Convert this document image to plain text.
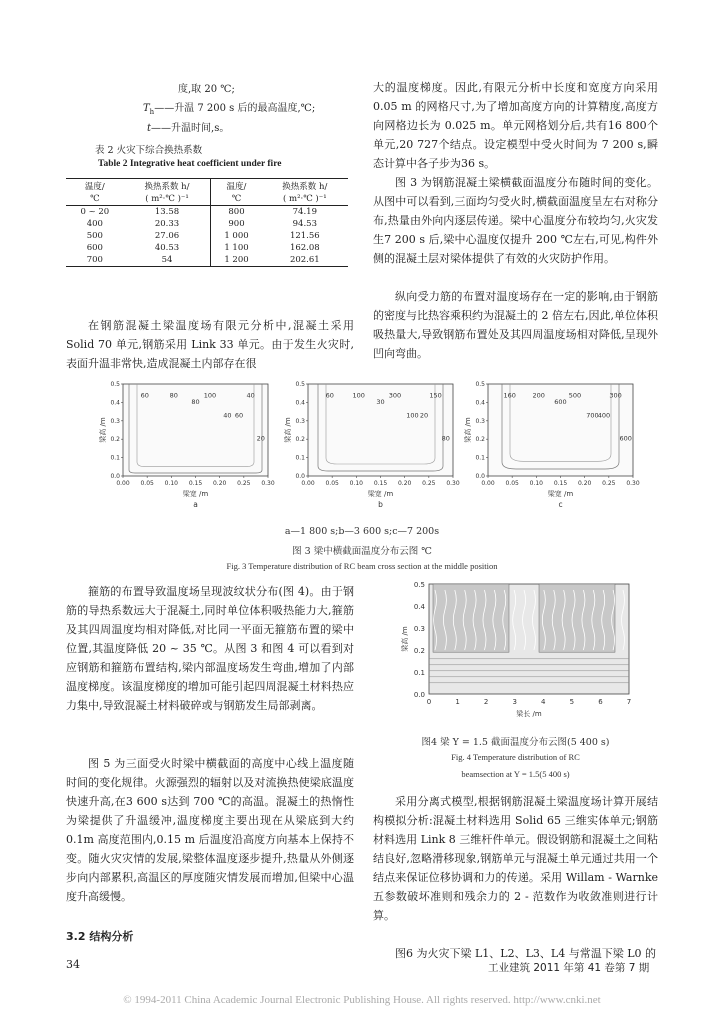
度,取 20 ℃;
$T_h——$升温 7 200 s 后的最高温度,℃;
t——升温时间,s。
表 2 火灾下综合换热系数
Table 2 Integrative heat coefficient under fire
温度/	换热系数 h/	温度/	换热系数 h/
℃	( m²·℃ )⁻¹	℃	( m²·℃ )⁻¹
0 ~ 20	13.58	800	74.19
400	20.33	900	94.53
500	27.06	1 000	121.56
600	40.53	1 100	162.08
700	54	1 200	202.61

在钢筋混凝土梁温度场有限元分析中,混凝土采用 Solid 70 单元,钢筋采用 Link 33 单元。由于发生火灾时,表面升温非常快,造成混凝土内部存在很

大的温度梯度。因此,有限元分析中长度和宽度方向采用 0.05 m 的网格尺寸,为了增加高度方向的计算精度,高度方向网格边长为 0.025 m。单元网格划分后,共有16 800个单元,20 727个结点。设定模型中受火时间为 7 200 s,瞬态计算中各子步为36 s。

图 3 为钢筋混凝土梁横截面温度分布随时间的变化。从图中可以看到,三面均匀受火时,横截面温度呈左右对称分布,热量由外向内逐层传递。梁中心温度分布较均匀,火灾发生7 200 s 后,梁中心温度仅提升 200 ℃左右,可见,构件外侧的混凝土层对梁体提供了有效的火灾防护作用。

纵向受力筋的布置对温度场存在一定的影响,由于钢筋的密度与比热容乘积约为混凝土的 2 倍左右,因此,单位体积吸热量大,导致钢筋布置处及其四周温度场相对降低,呈现外凹向弯曲。

40
20
60	80	40
60
100
80
0.5
0.4
0.3
0.2
0.1
0.0
0.00 0.05 0.10 0.15 0.20 0.25 0.30
梁高 /m
梁宽 /m
a
100
80
60	100	150
20
300
30
0.5
0.4
0.3
0.2
0.1
0.0
0.00 0.05 0.10 0.15 0.20 0.25 0.30
梁高 /m
梁宽 /m
b
700
600
160	200	300
400
500
600
0.5
0.4
0.3
0.2
0.1
0.0
0.00 0.05 0.10 0.15 0.20 0.25 0.30
梁高 /m
梁宽 /m
c
a—1 800 s;b—3 600 s;c—7 200s
图 3 梁中横截面温度分布云图 ℃
Fig. 3 Temperature distribution of RC beam cross section at the middle position

箍筋的布置导致温度场呈现波纹状分布(图 4)。由于钢筋的导热系数远大于混凝土,同时单位体积吸热能力大,箍筋及其四周温度均相对降低,对比同一平面无箍筋布置的梁中位置,其温度降低 20 ~ 35 ℃。从图 3 和图 4 可以看到对应钢筋和箍筋布置结构,梁内部温度场发生弯曲,增加了内部温度梯度。该温度梯度的增加可能引起四周混凝土材料热应力集中,导致混凝土材料破碎或与钢筋发生局部剥离。

图 5 为三面受火时梁中横截面的高度中心线上温度随时间的变化规律。火源强烈的辐射以及对流换热使梁底温度快速升高,在3 600 s达到 700 ℃的高温。混凝土的热惰性为梁提供了升温缓冲,温度梯度主要出现在从梁底到大约 0.1m 高度范围内,0.15 m 后温度沿高度方向基本上保持不变。随火灾灾情的发展,梁整体温度逐步提升,热量从外侧逐步向内部累积,高温区的厚度随灾情发展而增加,但梁中心温度升高缓慢。

3.2 结构分析
0.5
0.4
0.3
0.2
0.1
0.0
0	1	2	3	4	5	6	7
梁高 /m
梁长 /m
图4 梁 Y = 1.5 截面温度分布云图(5 400 s)
Fig. 4 Temperature distribution of RC
beamsection at Y = 1.5(5 400 s)

采用分离式模型,根据钢筋混凝土梁温度场计算开展结构模拟分析:混凝土材料选用 Solid 65 三维实体单元;钢筋材料选用 Link 8 三维杆件单元。假设钢筋和混凝土之间粘结良好,忽略滑移现象,钢筋单元与混凝土单元通过共用一个结点来保证位移协调和力的传递。采用 Willam - Warnke 五参数破坏准则和残余力的 2 - 范数作为收敛准则进行计算。

图6 为火灾下梁 L1、L2、L3、L4 与常温下梁 L0 的

34	工业建筑 2011 年第 41 卷第 7 期
© 1994-2011 China Academic Journal Electronic Publishing House. All rights reserved. http://www.cnki.net
